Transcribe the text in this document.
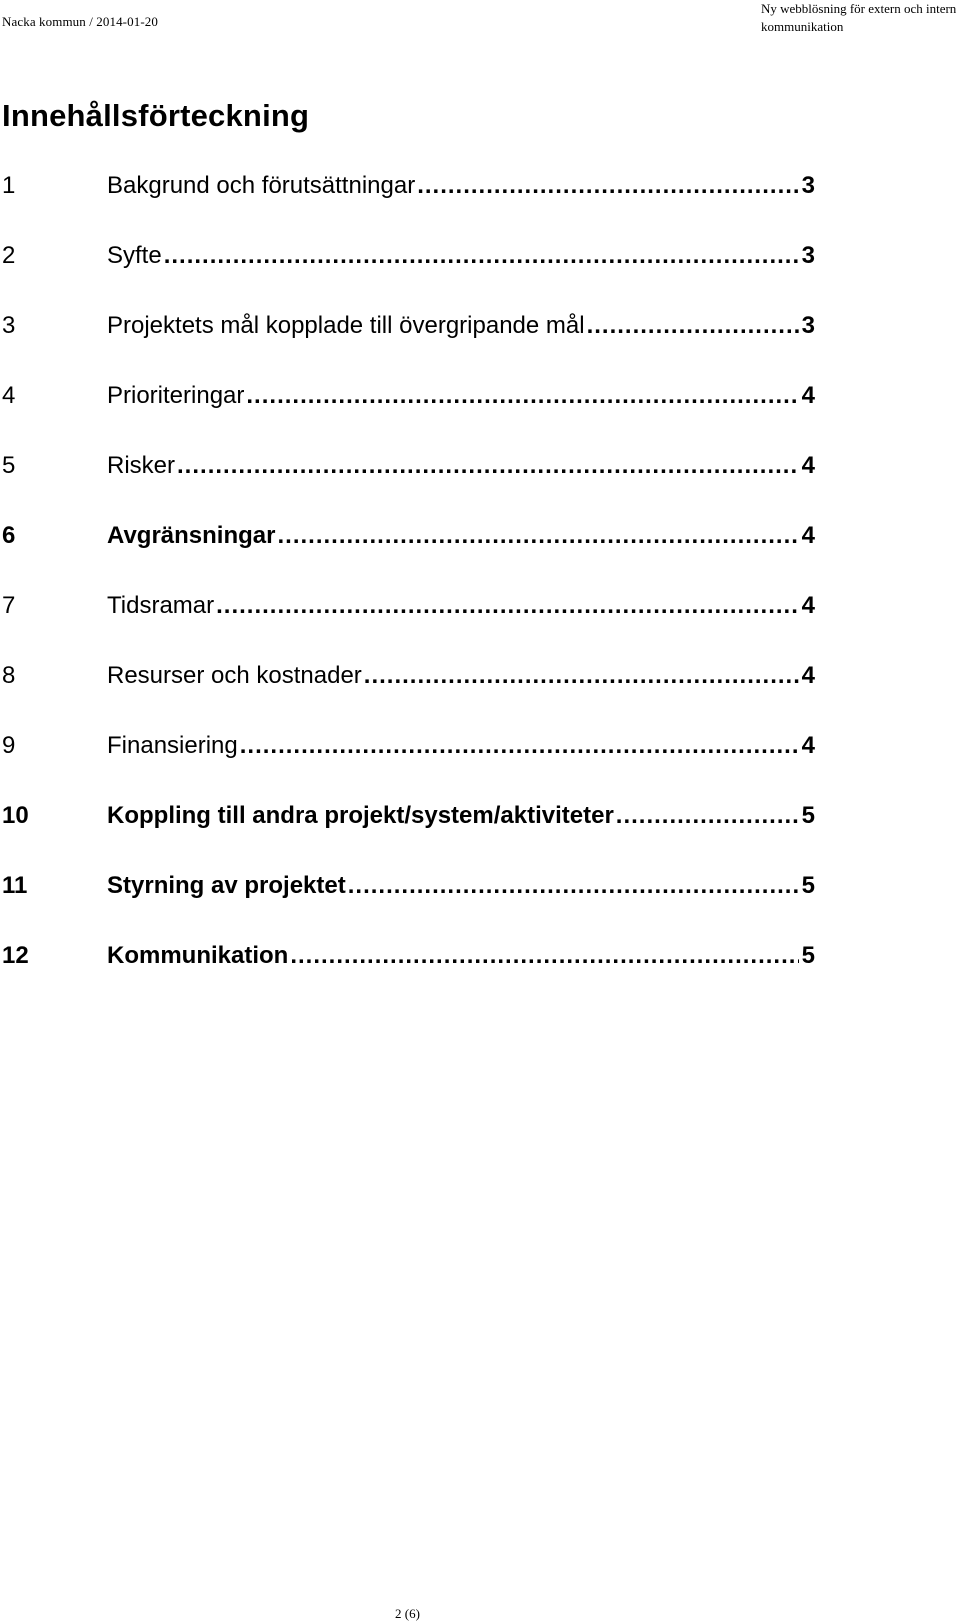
Nacka kommun / 2014-01-20
Ny webblösning för extern och intern
kommunikation
Innehållsförteckning
1	Bakgrund och förutsättningar .....	3
2	Syfte .....	3
3	Projektets mål kopplade till övergripande mål .....	3
4	Prioriteringar .....	4
5	Risker .....	4
6	Avgränsningar .....	4
7	Tidsramar .....	4
8	Resurser och kostnader .....	4
9	Finansiering .....	4
10	Koppling till andra projekt/system/aktiviteter .....	5
11	Styrning av projektet .....	5
12	Kommunikation .....	5
2 (6)
